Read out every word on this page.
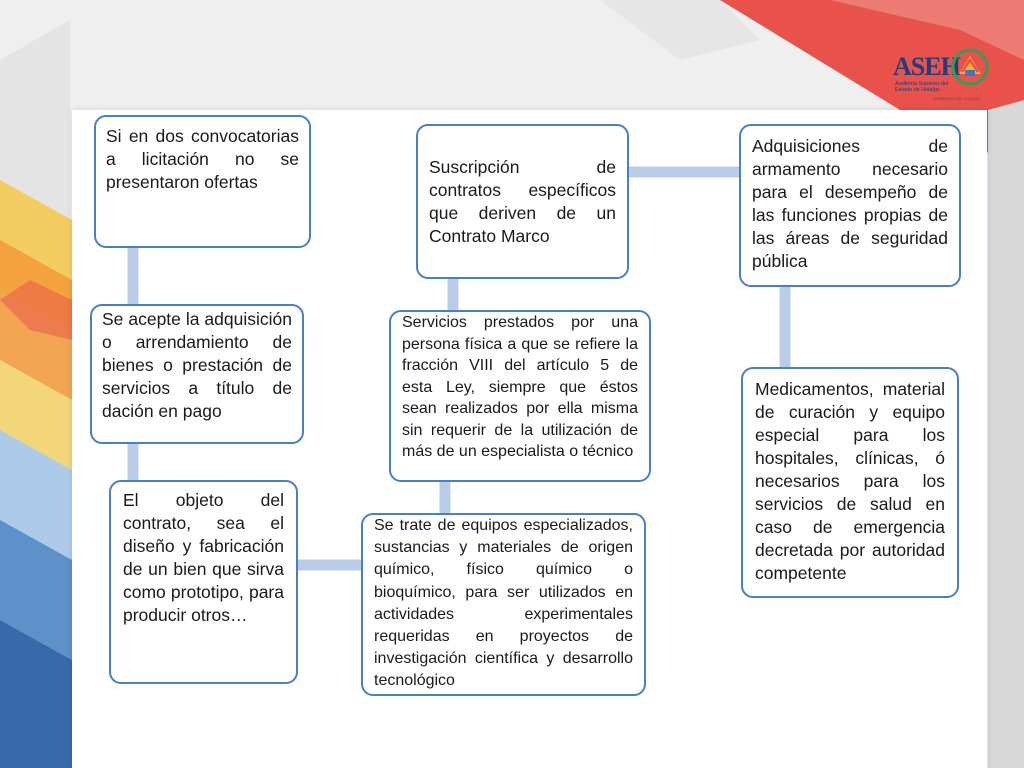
ASEH
Auditoría Superior del Estado de Hidalgo
GOBIERNO DEL ESTADO
Si en dos convocatorias a licitación no se presentaron ofertas
Se acepte la adquisición o arrendamiento de bienes o prestación de servicios a título de dación en pago
El objeto del contrato, sea el diseño y fabricación de un bien que sirva como prototipo, para producir otros…
Suscripción de contratos específicos que deriven de un Contrato Marco
Servicios prestados por una persona física a que se refiere la fracción VIII del artículo 5 de esta Ley, siempre que éstos sean realizados por ella misma sin requerir de la utilización de más de un especialista o técnico
Se trate de equipos especializados, sustancias y materiales de origen químico, físico químico o bioquímico, para ser utilizados en actividades experimentales requeridas en proyectos de investigación científica y desarrollo tecnológico
Adquisiciones de armamento necesario para el desempeño de las funciones propias de las áreas de seguridad pública
Medicamentos, material de curación y equipo especial para los hospitales, clínicas, ó necesarios para los servicios de salud en caso de emergencia decretada por autoridad competente
